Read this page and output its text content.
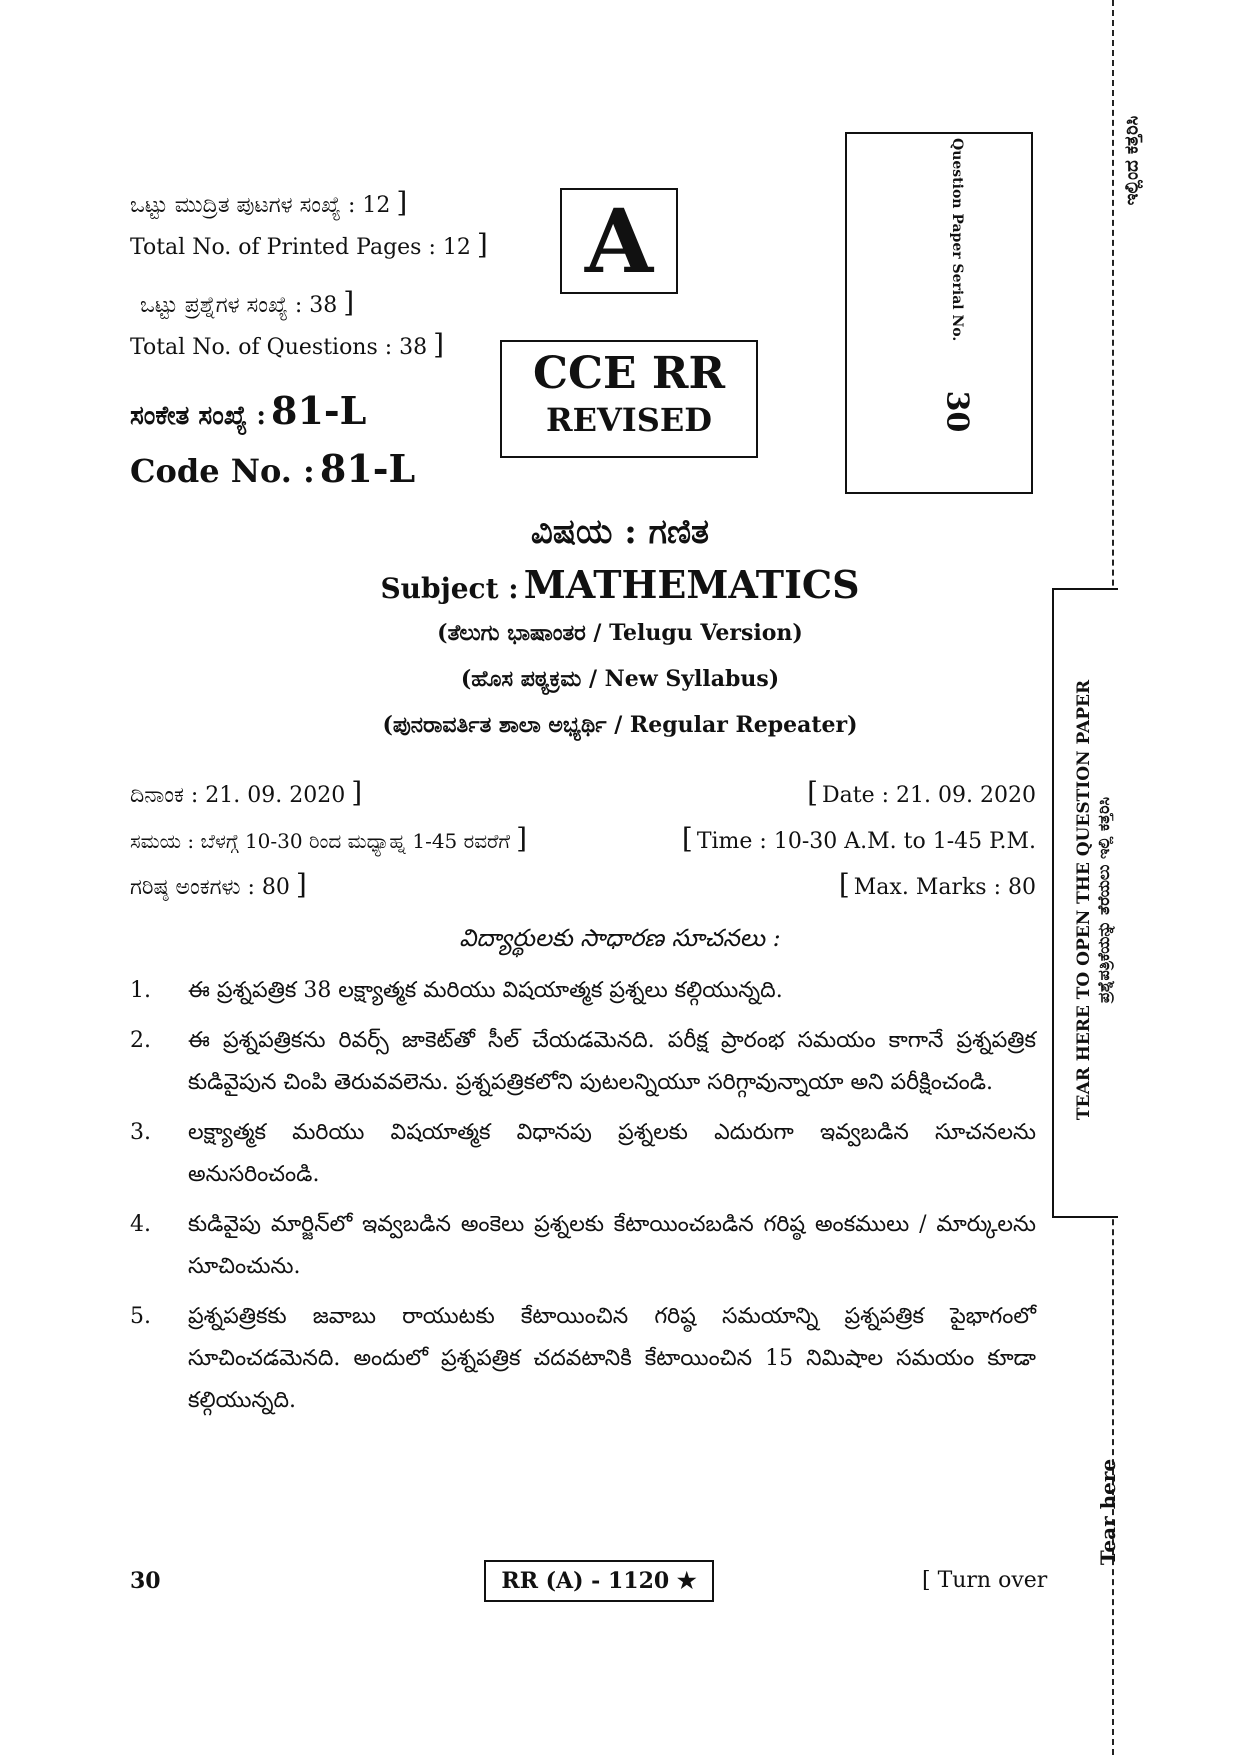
ಒಟ್ಟು ಮುದ್ರಿತ ಪುಟಗಳ ಸಂಖ್ಯೆ : 12 ]
Total No. of Printed Pages : 12 ]
ಒಟ್ಟು ಪ್ರಶ್ನೆಗಳ ಸಂಖ್ಯೆ : 38 ]
Total No. of Questions : 38 ]
ಸಂಕೇತ ಸಂಖ್ಯೆ : 81-L
Code No. : 81-L
A
CCE RR
REVISED
Question Paper Serial No.
30
ವಿಷಯ : ಗಣಿತ
Subject : MATHEMATICS
(ತೆಲುಗು ಭಾಷಾಂತರ / Telugu Version)
(ಹೊಸ ಪಠ್ಯಕ್ರಮ / New Syllabus)
(ಪುನರಾವರ್ತಿತ ಶಾಲಾ ಅಭ್ಯರ್ಥಿ / Regular Repeater)
ದಿನಾಂಕ : 21. 09. 2020 ]	[ Date : 21. 09. 2020
ಸಮಯ : ಬೆಳಗ್ಗೆ 10-30 ರಿಂದ ಮಧ್ಯಾಹ್ನ 1-45 ರವರೆಗೆ ]	[ Time : 10-30 A.M. to 1-45 P.M.
ಗರಿಷ್ಠ ಅಂಕಗಳು : 80 ]	[ Max. Marks : 80
విద్యార్థులకు సాధారణ సూచనలు :
1.	ఈ ప్రశ్నపత్రిక 38 లక్ష్యాత్మక మరియు విషయాత్మక ప్రశ్నలు కల్గియున్నది.
2.	ఈ ప్రశ్నపత్రికను రివర్స్ జాకెట్‌తో సీల్ చేయడమెనది. పరీక్ష ప్రారంభ సమయం కాగానే ప్రశ్నపత్రిక కుడివైపున చింపి తెరువవలెను. ప్రశ్నపత్రికలోని పుటలన్నియూ సరిగ్గావున్నాయా అని పరీక్షించండి.
3.	లక్ష్యాత్మక మరియు విషయాత్మక విధానపు ప్రశ్నలకు ఎదురుగా ఇవ్వబడిన సూచనలను అనుసరించండి.
4.	కుడివైపు మార్జిన్‌లో ఇవ్వబడిన అంకెలు ప్రశ్నలకు కేటాయించబడిన గరిష్ఠ అంకములు / మార్కులను సూచించును.
5.	ప్రశ్నపత్రికకు జవాబు రాయుటకు కేటాయించిన గరిష్ఠ సమయాన్ని ప్రశ్నపత్రిక పైభాగంలో సూచించడమెనది. అందులో ప్రశ్నపత్రిక చదవటానికి కేటాయించిన 15 నిమిషాల సమయం కూడా కల్గియున్నది.
30	RR (A) - 1120 ★	[ Turn over
ಇಲ್ಲಿಂದ ಕತ್ತರಿಸಿ
TEAR HERE TO OPEN THE QUESTION PAPER ಪ್ರಶ್ನೆಪತ್ರಿಕೆಯನ್ನು ತೆರೆಯಲು ಇಲ್ಲಿ ಕತ್ತರಿಸಿ
Tear here
